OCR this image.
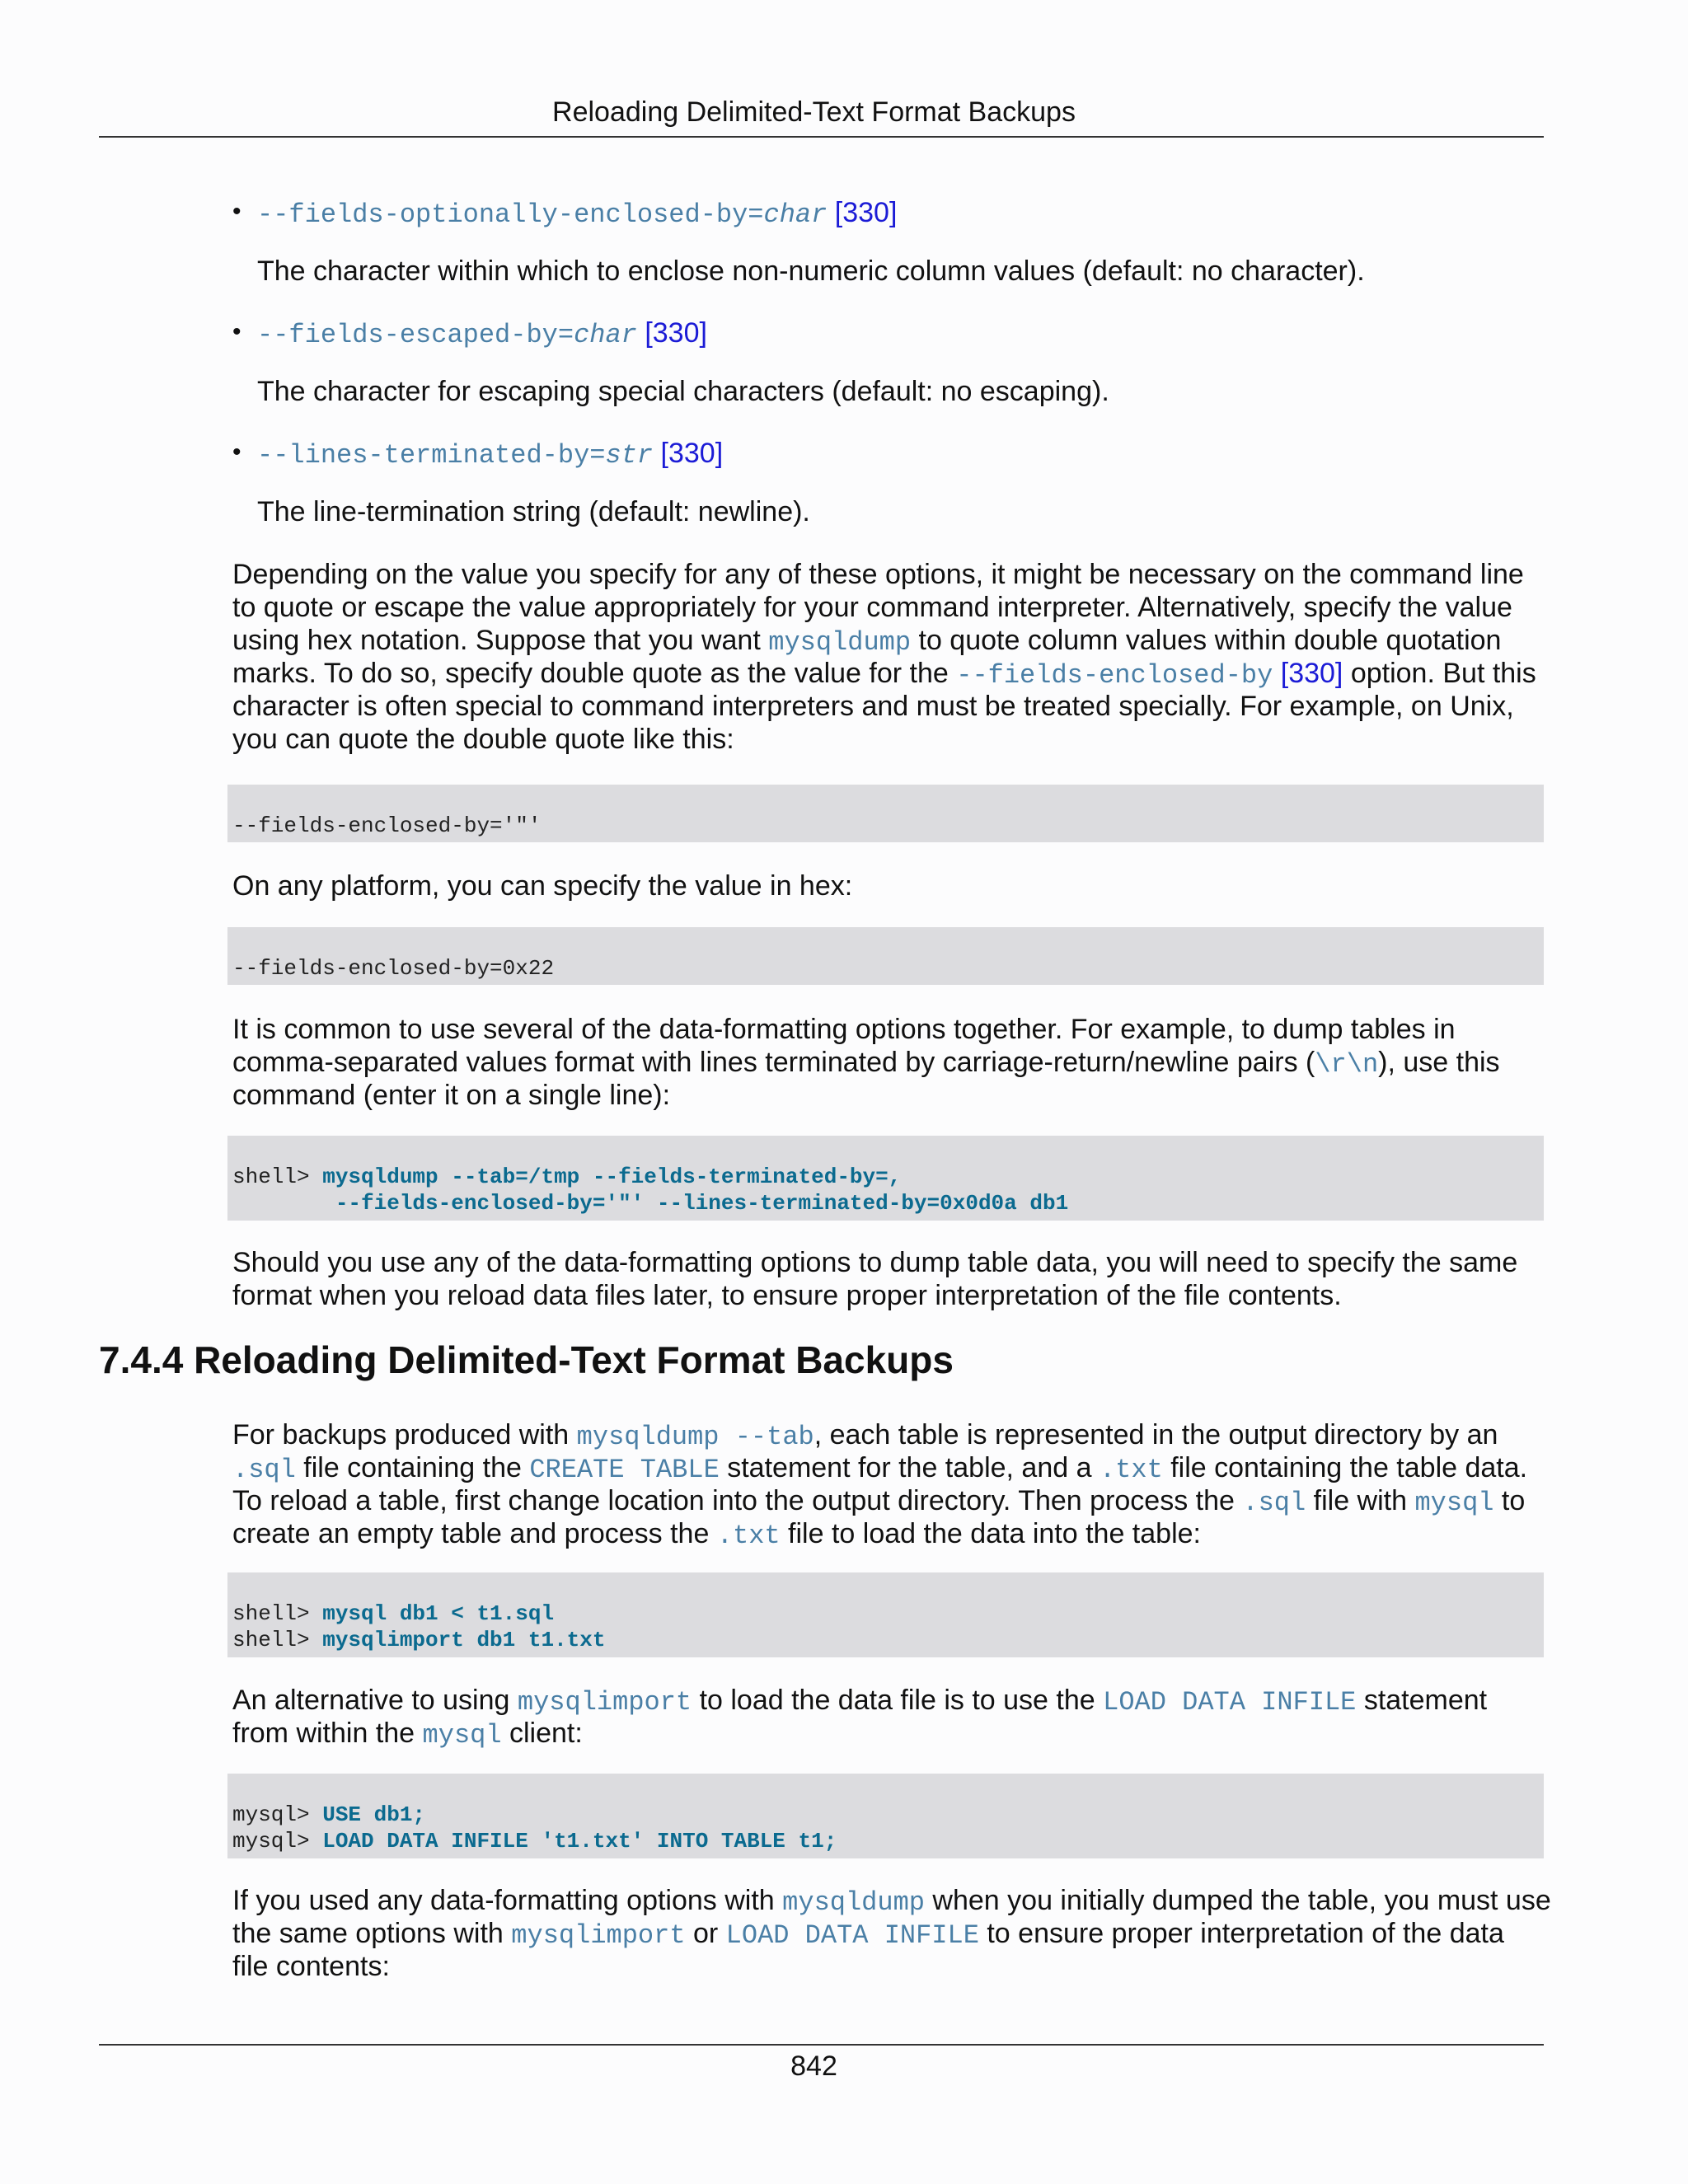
Reloading Delimited-Text Format Backups
• --fields-optionally-enclosed-by=char [330]
The character within which to enclose non-numeric column values (default: no character).
• --fields-escaped-by=char [330]
The character for escaping special characters (default: no escaping).
• --lines-terminated-by=str [330]
The line-termination string (default: newline).
Depending on the value you specify for any of these options, it might be necessary on the command line
to quote or escape the value appropriately for your command interpreter. Alternatively, specify the value
using hex notation. Suppose that you want mysqldump to quote column values within double quotation
marks. To do so, specify double quote as the value for the --fields-enclosed-by [330] option. But this
character is often special to command interpreters and must be treated specially. For example, on Unix,
you can quote the double quote like this:
--fields-enclosed-by='"'
On any platform, you can specify the value in hex:
--fields-enclosed-by=0x22
It is common to use several of the data-formatting options together. For example, to dump tables in
comma-separated values format with lines terminated by carriage-return/newline pairs (\r\n), use this
command (enter it on a single line):
shell> mysqldump --tab=/tmp --fields-terminated-by=,
--fields-enclosed-by='"' --lines-terminated-by=0x0d0a db1
Should you use any of the data-formatting options to dump table data, you will need to specify the same
format when you reload data files later, to ensure proper interpretation of the file contents.
7.4.4 Reloading Delimited-Text Format Backups
For backups produced with mysqldump --tab, each table is represented in the output directory by an
.sql file containing the CREATE TABLE statement for the table, and a .txt file containing the table data.
To reload a table, first change location into the output directory. Then process the .sql file with mysql to
create an empty table and process the .txt file to load the data into the table:
shell> mysql db1 < t1.sql
shell> mysqlimport db1 t1.txt
An alternative to using mysqlimport to load the data file is to use the LOAD DATA INFILE statement
from within the mysql client:
mysql> USE db1;
mysql> LOAD DATA INFILE 't1.txt' INTO TABLE t1;
If you used any data-formatting options with mysqldump when you initially dumped the table, you must use
the same options with mysqlimport or LOAD DATA INFILE to ensure proper interpretation of the data
file contents:
842
